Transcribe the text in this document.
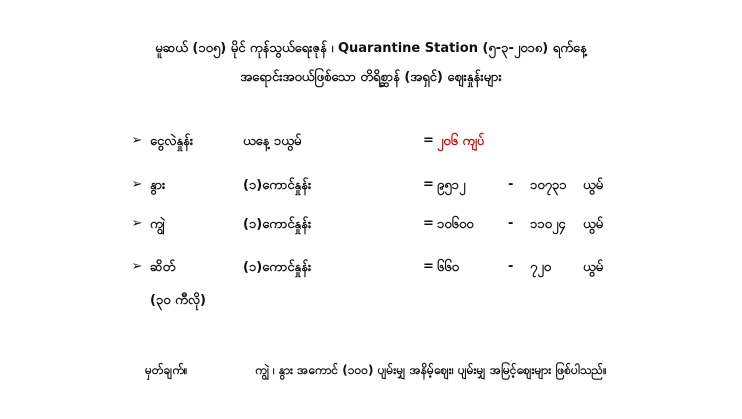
မူဆယ် (၁၀၅) မိုင် ကုန်သွယ်ရေးဇုန် ၊ Quarantine Station (၅-၃-၂၀၁၈) ရက်နေ့
အရောင်းအဝယ်ဖြစ်သော တိရိစ္ဆာန် (အရှင်) ဈေးနှုန်းများ
➢ ငွေလဲနှုန်း	ယနေ့ ၁ယွမ်	= ၂၀၆ ကျပ်
➢ နွား	(၁)ကောင်နှုန်း	= ၉၅၁၂	- ၁၀၇၃၁ ယွမ်
➢ ကျွဲ	(၁)ကောင်နှုန်း	= ၁၀၆၀၀	- ၁၁၀၂၄ ယွမ်
➢ ဆိတ်	(၁)ကောင်နှုန်း	= ၆၆၀	- ၇၂၀ ယွမ်
(၃၀ ကီလို)
မှတ်ချက်။	ကျွဲ ၊ နွား အကောင် (၁၀၀) ပျမ်းမျှ အနိမ့်ဈေး၊ ပျမ်းမျှ အမြင့်ဈေးများ ဖြစ်ပါသည်။
